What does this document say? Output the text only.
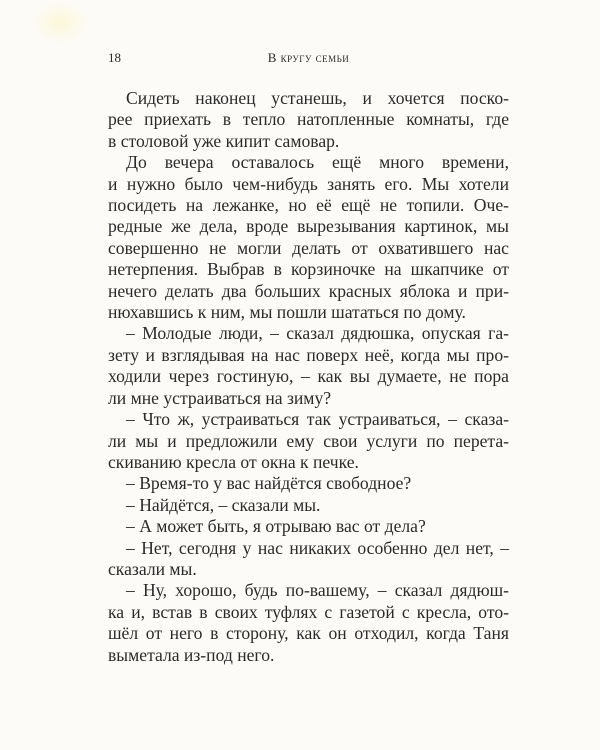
18	В кругу семьи
Сидеть наконец устанешь, и хочется поско-
рее приехать в тепло натопленные комнаты, где
в столовой уже кипит самовар.
До вечера оставалось ещё много времени,
и нужно было чем-нибудь занять его. Мы хотели
посидеть на лежанке, но её ещё не топили. Оче-
редные же дела, вроде вырезывания картинок, мы
совершенно не могли делать от охватившего нас
нетерпения. Выбрав в корзиночке на шкапчике от
нечего делать два больших красных яблока и при-
нюхавшись к ним, мы пошли шататься по дому.
– Молодые люди, – сказал дядюшка, опуская га-
зету и взглядывая на нас поверх неё, когда мы про-
ходили через гостиную, – как вы думаете, не пора
ли мне устраиваться на зиму?
– Что ж, устраиваться так устраиваться, – сказа-
ли мы и предложили ему свои услуги по перета-
скиванию кресла от окна к печке.
– Время-то у вас найдётся свободное?
– Найдётся, – сказали мы.
– А может быть, я отрываю вас от дела?
– Нет, сегодня у нас никаких особенно дел нет, –
сказали мы.
– Ну, хорошо, будь по-вашему, – сказал дядюш-
ка и, встав в своих туфлях с газетой с кресла, ото-
шёл от него в сторону, как он отходил, когда Таня
выметала из-под него.
